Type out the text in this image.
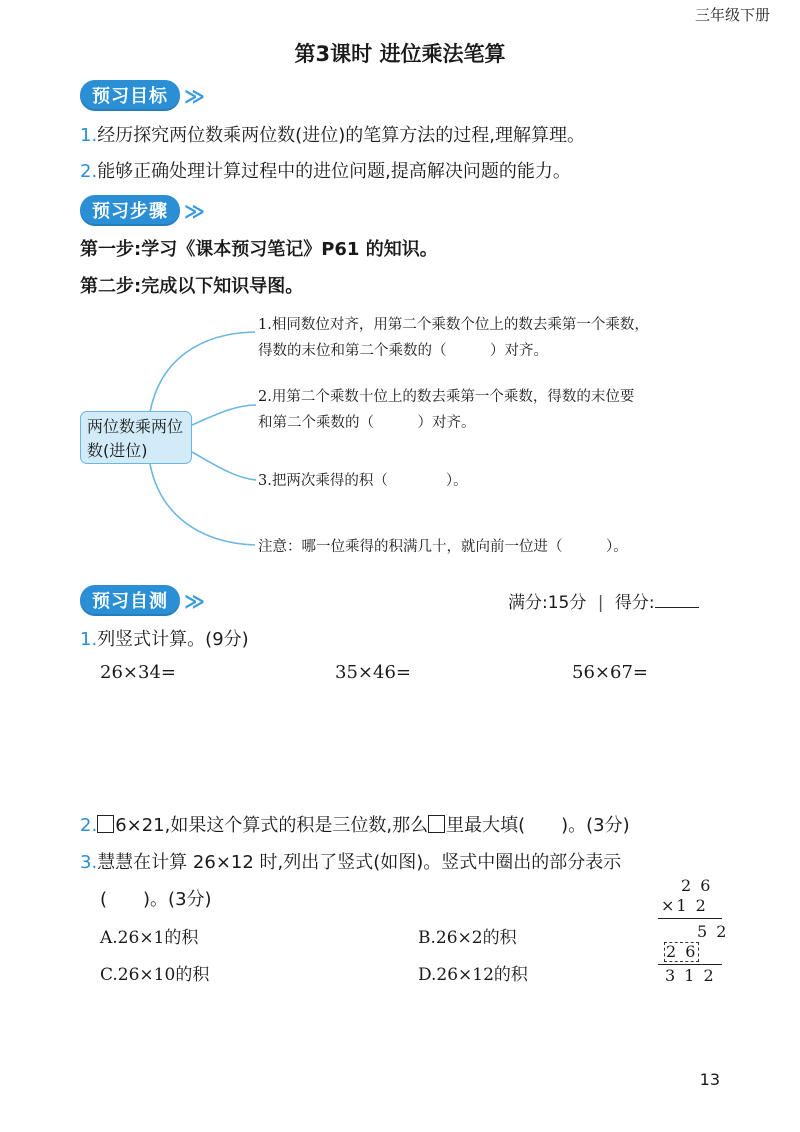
三年级下册
第3课时 进位乘法笔算
预习目标 ≫
1.经历探究两位数乘两位数(进位)的笔算方法的过程,理解算理。
2.能够正确处理计算过程中的进位问题,提高解决问题的能力。
预习步骤 ≫
第一步:学习《课本预习笔记》P61 的知识。
第二步:完成以下知识导图。
两位数乘两位
数(进位)
1.相同数位对齐，用第二个乘数个位上的数去乘第一个乘数，
得数的末位和第二个乘数的（　　　）对齐。
2.用第二个乘数十位上的数去乘第一个乘数，得数的末位要
和第二个乘数的（　　　）对齐。
3.把两次乘得的积（　　　　）。
注意：哪一位乘得的积满几十，就向前一位进（　　　）。
预习自测 ≫	满分:15分 | 得分:
1.列竖式计算。(9分)
26×34=	35×46=	56×67=
2. 6×21,如果这个算式的积是三位数,那么 里最大填(　　)。(3分)
3.慧慧在计算 26×12 时,列出了竖式(如图)。竖式中圈出的部分表示
(　　)。(3分)
A.26×1的积	B.26×2的积
C.26×10的积	D.26×12的积
2 6
×1 2
5 2
2 6
3 1 2
13
